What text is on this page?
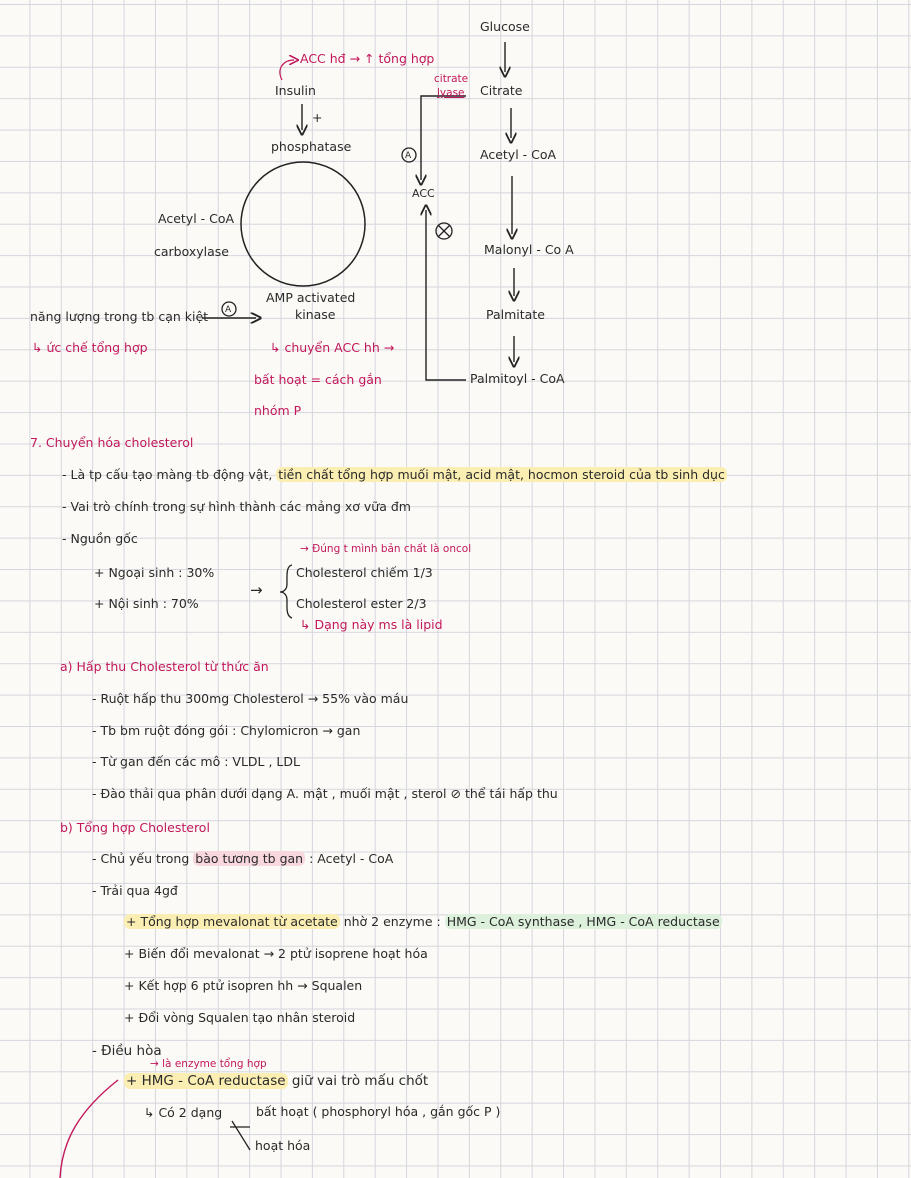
Glucose
Citrate
citrate
lyase
Acetyl - CoA
Malonyl - Co A
Palmitate
Palmitoyl - CoA
ACC
A
A
ACC hđ → ↑ tổng hợp
Insulin
+
phosphatase
Acetyl - CoA
carboxylase
AMP activated
kinase
năng lượng trong tb cạn kiệt
↳ ức chế tổng hợp	↳ chuyển ACC hh →
bất hoạt = cách gắn
nhóm P
7. Chuyển hóa cholesterol
- Là tp cấu tạo màng tb động vật, tiền chất tổng hợp muối mật, acid mật, hocmon steroid của tb sinh dục
- Vai trò chính trong sự hình thành các mảng xơ vữa đm
- Nguồn gốc
+ Ngoại sinh : 30%
+ Nội sinh : 70%
→
→ Đúng t mình bản chất là oncol
Cholesterol chiếm 1/3
Cholesterol ester 2/3
↳ Dạng này ms là lipid
a) Hấp thu Cholesterol từ thức ăn
- Ruột hấp thu 300mg Cholesterol → 55% vào máu
- Tb bm ruột đóng gói : Chylomicron → gan
- Từ gan đến các mô : VLDL , LDL
- Đào thải qua phân dưới dạng A. mật , muối mật , sterol ⊘ thể tái hấp thu
b) Tổng hợp Cholesterol
- Chủ yếu trong bào tương tb gan : Acetyl - CoA
- Trải qua 4gđ
+ Tổng hợp mevalonat từ acetate nhờ 2 enzyme : HMG - CoA synthase , HMG - CoA reductase
+ Biến đổi mevalonat → 2 ptử isoprene hoạt hóa
+ Kết hợp 6 ptử isopren hh → Squalen
+ Đổi vòng Squalen tạo nhân steroid
- Điều hòa
→ là enzyme tổng hợp
+ HMG - CoA reductase giữ vai trò mấu chốt
↳ Có 2 dạng	bất hoạt ( phosphoryl hóa , gắn gốc P )
hoạt hóa
